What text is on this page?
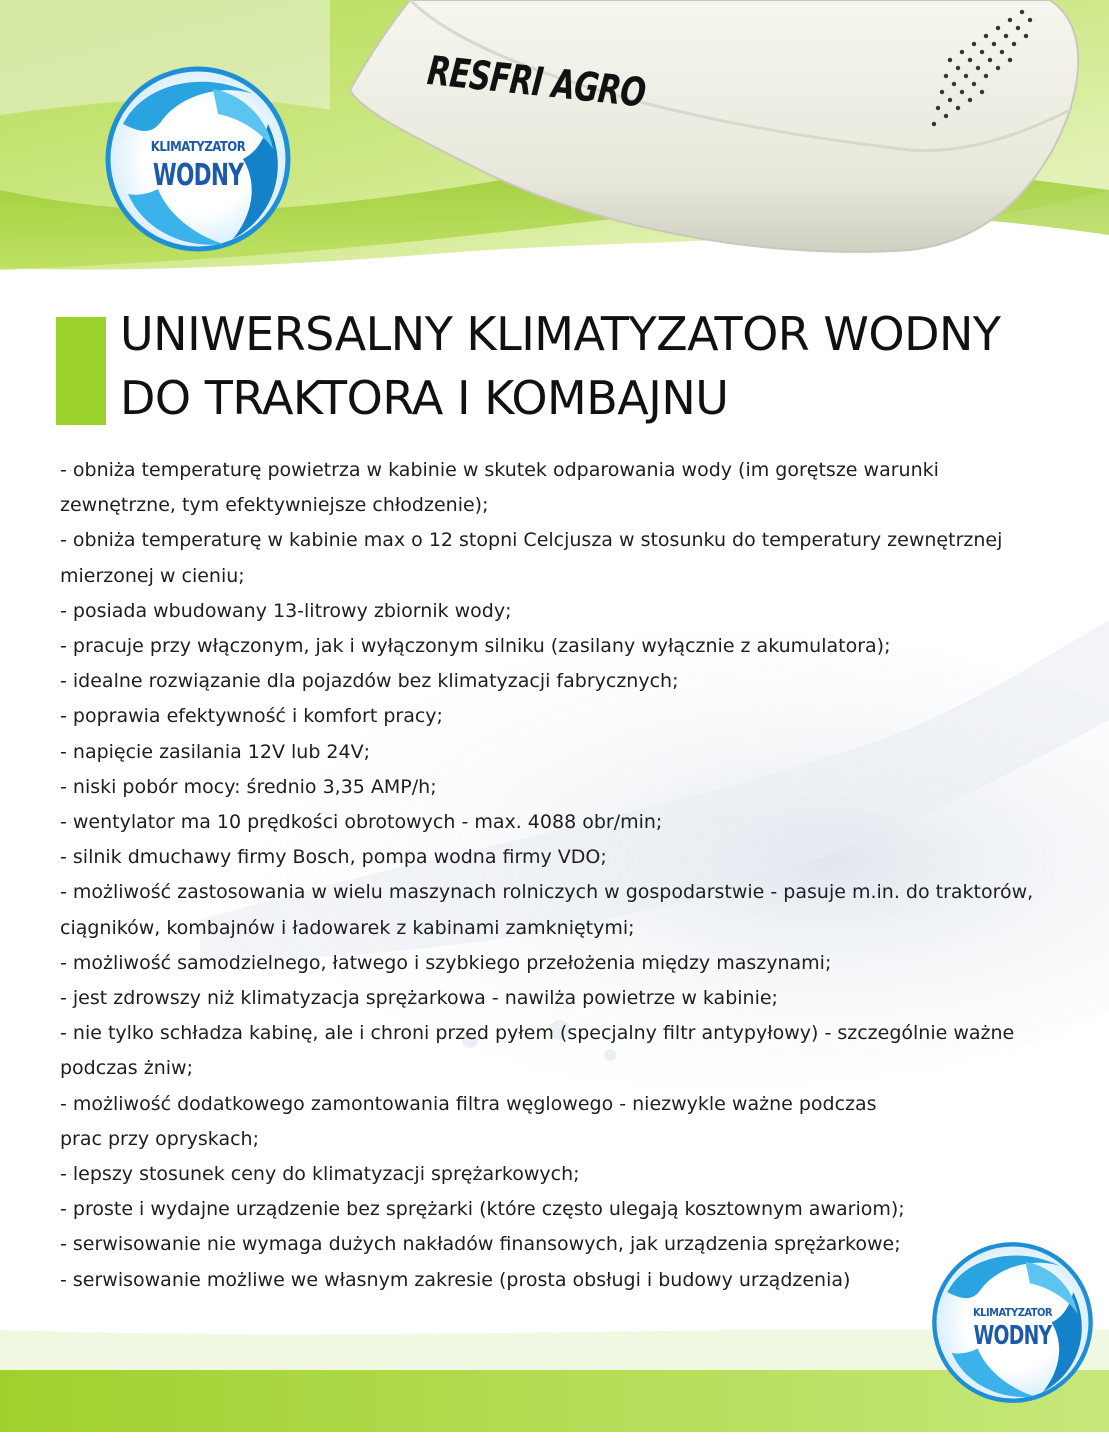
RESFRI AGRO
KLIMATYZATOR
WODNY
UNIWERSALNY KLIMATYZATOR WODNY
DO TRAKTORA I KOMBAJNU
- obniża temperaturę powietrza w kabinie w skutek odparowania wody (im gorętsze warunki
zewnętrzne, tym efektywniejsze chłodzenie);
- obniża temperaturę w kabinie max o 12 stopni Celcjusza w stosunku do temperatury zewnętrznej
mierzonej w cieniu;
- posiada wbudowany 13-litrowy zbiornik wody;
- pracuje przy włączonym, jak i wyłączonym silniku (zasilany wyłącznie z akumulatora);
- idealne rozwiązanie dla pojazdów bez klimatyzacji fabrycznych;
- poprawia efektywność i komfort pracy;
- napięcie zasilania 12V lub 24V;
- niski pobór mocy: średnio 3,35 AMP/h;
- wentylator ma 10 prędkości obrotowych - max. 4088 obr/min;
- silnik dmuchawy firmy Bosch, pompa wodna firmy VDO;
- możliwość zastosowania w wielu maszynach rolniczych w gospodarstwie - pasuje m.in. do traktorów,
ciągników, kombajnów i ładowarek z kabinami zamkniętymi;
- możliwość samodzielnego, łatwego i szybkiego przełożenia między maszynami;
- jest zdrowszy niż klimatyzacja sprężarkowa - nawilża powietrze w kabinie;
- nie tylko schładza kabinę, ale i chroni przed pyłem (specjalny filtr antypyłowy) - szczególnie ważne
podczas żniw;
- możliwość dodatkowego zamontowania filtra węglowego - niezwykle ważne podczas
prac przy opryskach;
- lepszy stosunek ceny do klimatyzacji sprężarkowych;
- proste i wydajne urządzenie bez sprężarki (które często ulegają kosztownym awariom);
- serwisowanie nie wymaga dużych nakładów finansowych, jak urządzenia sprężarkowe;
- serwisowanie możliwe we własnym zakresie (prosta obsługi i budowy urządzenia)
KLIMATYZATOR
WODNY
